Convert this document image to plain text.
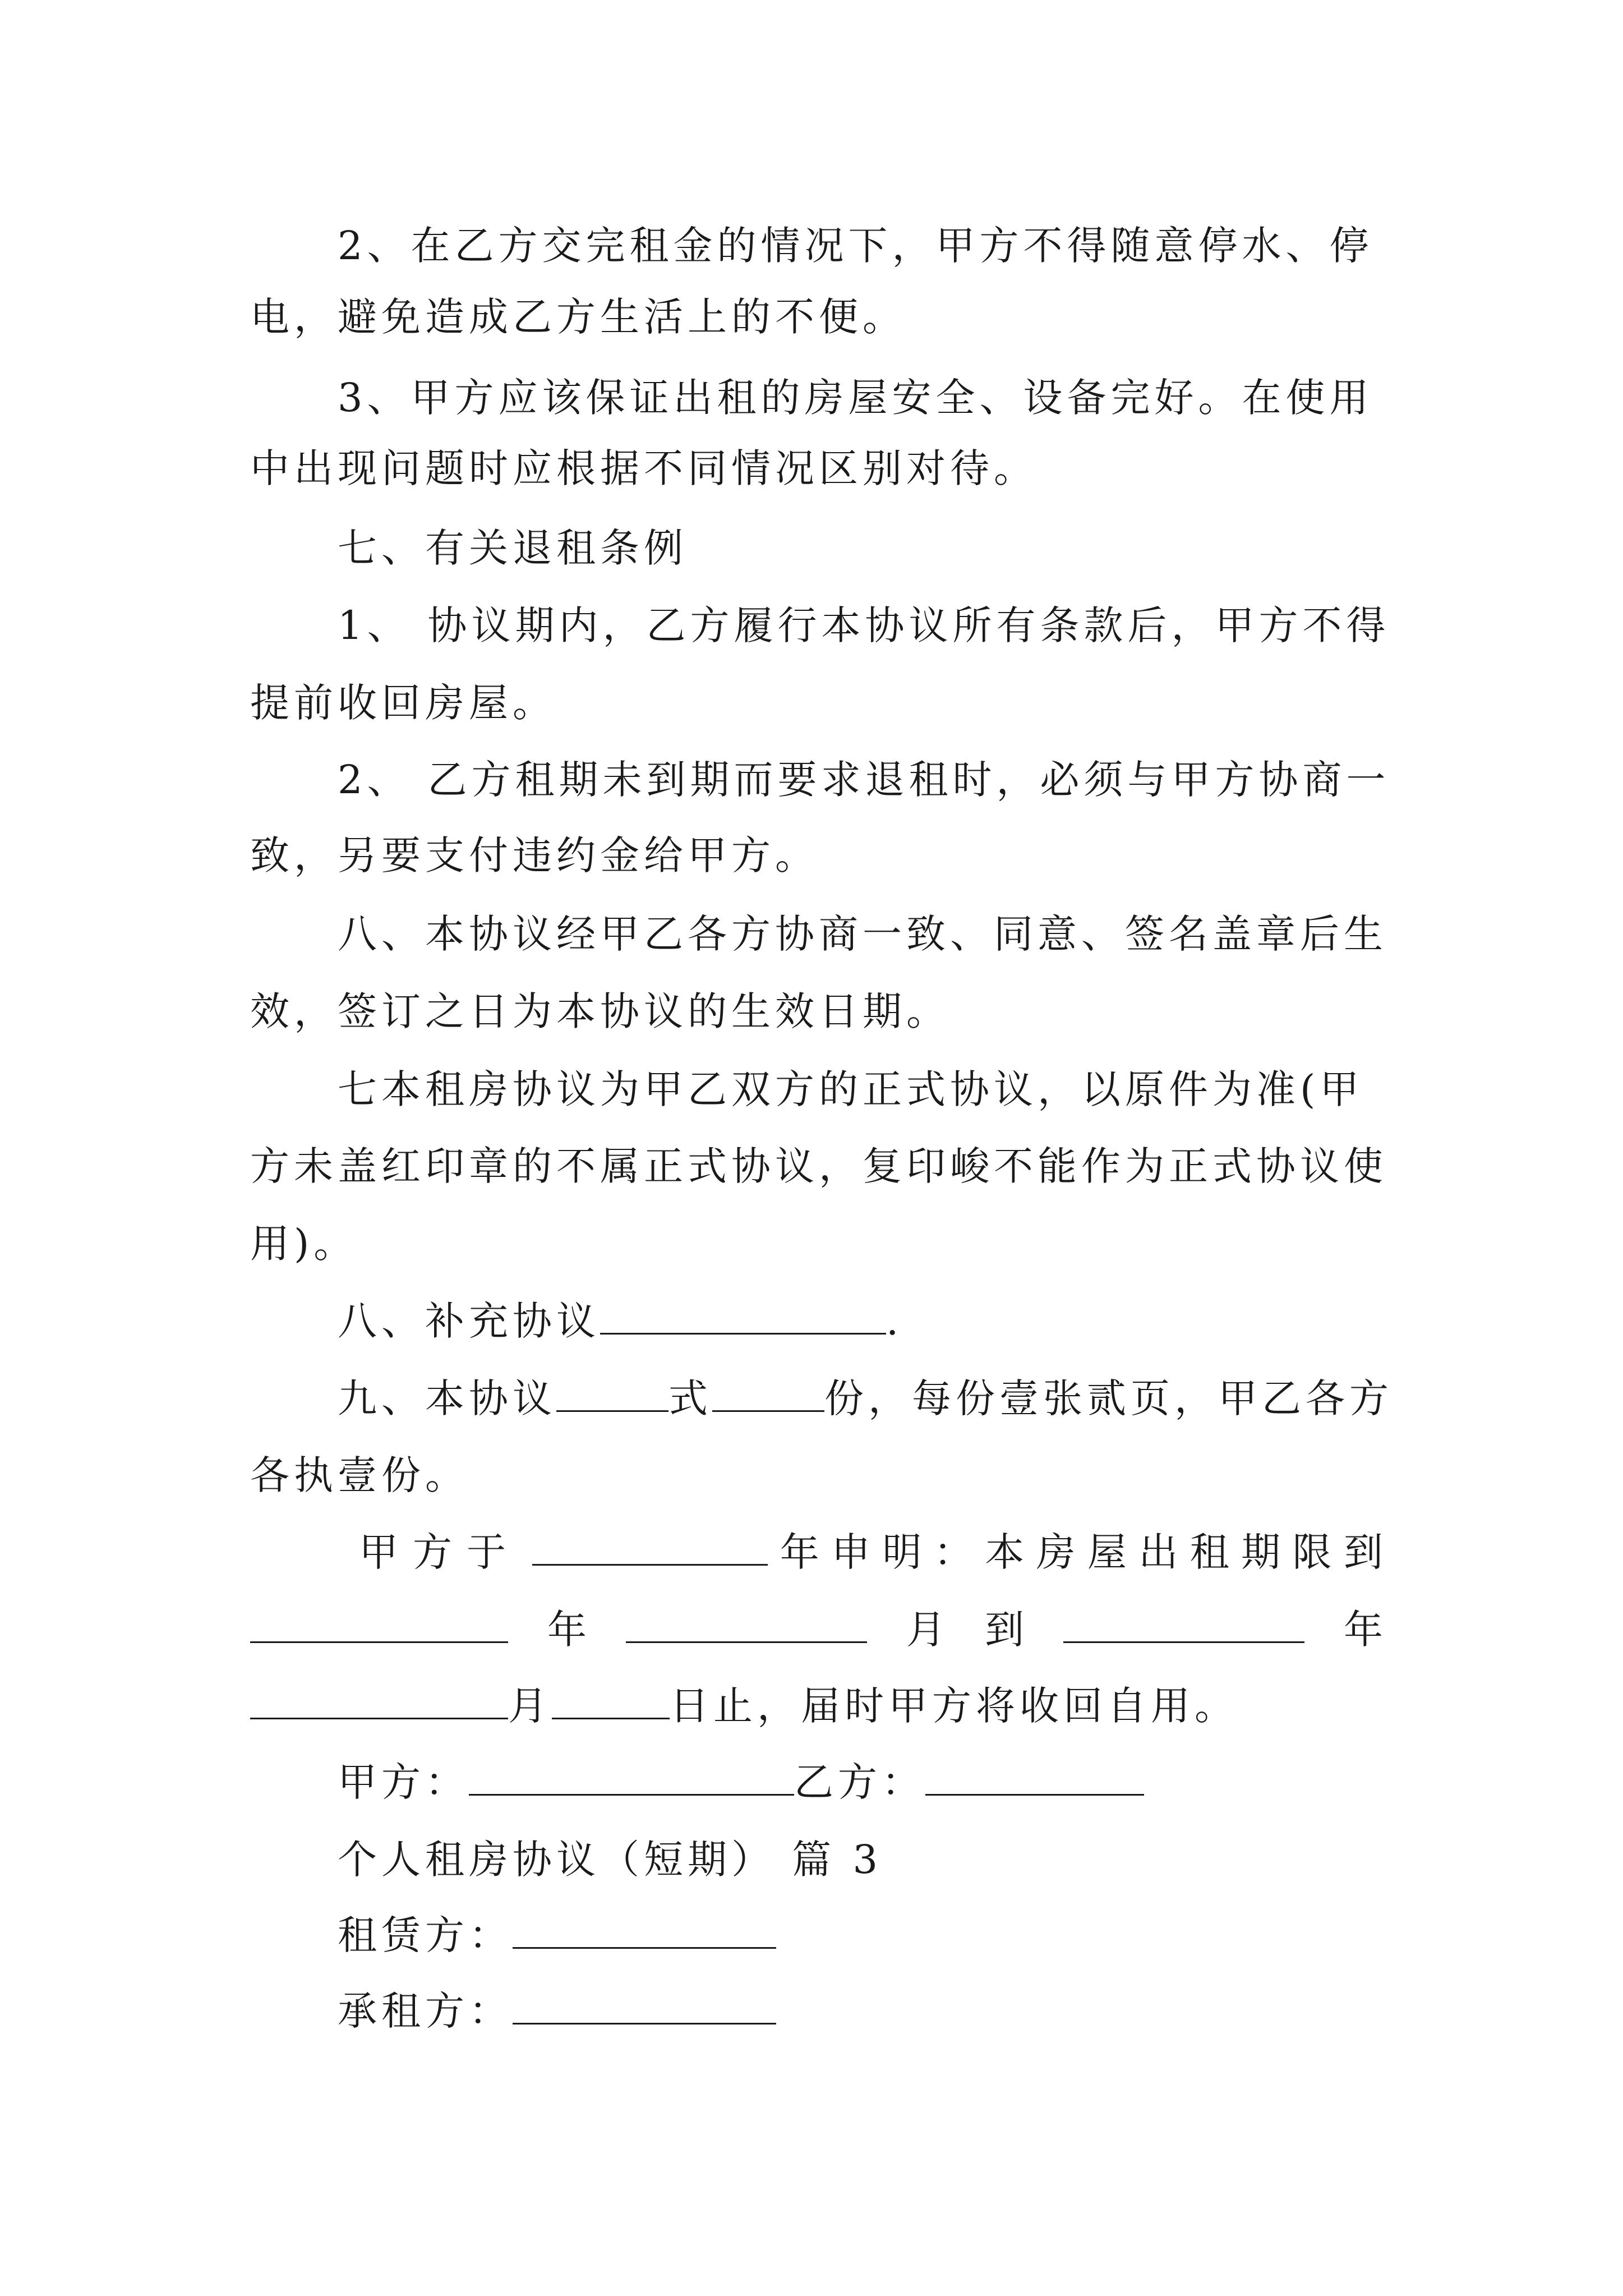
2、在乙方交完租金的情况下，甲方不得随意停水、停

电，避免造成乙方生活上的不便。

3、甲方应该保证出租的房屋安全、设备完好。在使用

中出现问题时应根据不同情况区别对待。

七、有关退租条例

1、 协议期内，乙方履行本协议所有条款后，甲方不得

提前收回房屋。

2、 乙方租期未到期而要求退租时，必须与甲方协商一

致，另要支付违约金给甲方。

八、本协议经甲乙各方协商一致、同意、签名盖章后生

效，签订之日为本协议的生效日期。

七本租房协议为甲乙双方的正式协议，以原件为准(甲

方未盖红印章的不属正式协议，复印峻不能作为正式协议使

用)。

八、补充协议	.

九、本协议	式	份，每份壹张贰页，甲乙各方

各执壹份。

甲方于	年 申 明 ： 本 房 屋 出 租 期 限 到
年	月 到	年

月	日止，届时甲方将收回自用。

甲方：	乙方：

个人租房协议（短期） 篇 3

租赁方：

承租方：
